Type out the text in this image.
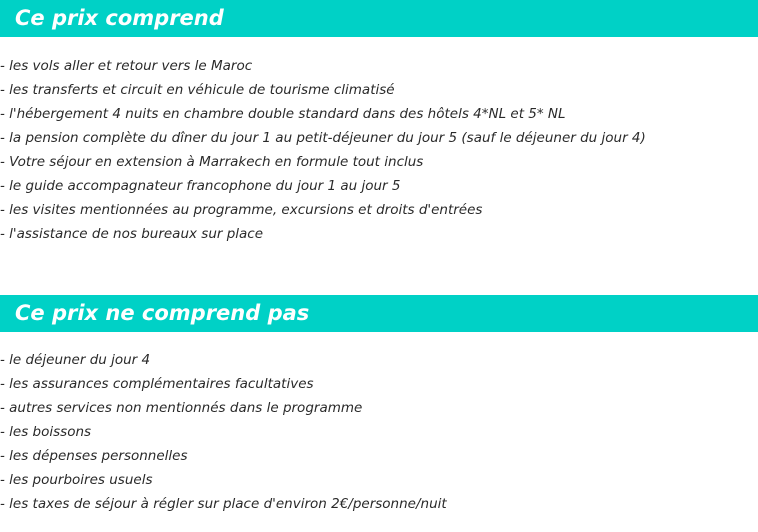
Ce prix comprend
- les vols aller et retour vers le Maroc
- les transferts et circuit en véhicule de tourisme climatisé
- l'hébergement 4 nuits en chambre double standard dans des hôtels 4*NL et 5* NL
- la pension complète du dîner du jour 1 au petit-déjeuner du jour 5 (sauf le déjeuner du jour 4)
- Votre séjour en extension à Marrakech en formule tout inclus
- le guide accompagnateur francophone du jour 1 au jour 5
- les visites mentionnées au programme, excursions et droits d'entrées
- l'assistance de nos bureaux sur place
Ce prix ne comprend pas
- le déjeuner du jour 4
- les assurances complémentaires facultatives
- autres services non mentionnés dans le programme
- les boissons
- les dépenses personnelles
- les pourboires usuels
- les taxes de séjour à régler sur place d'environ 2€/personne/nuit
